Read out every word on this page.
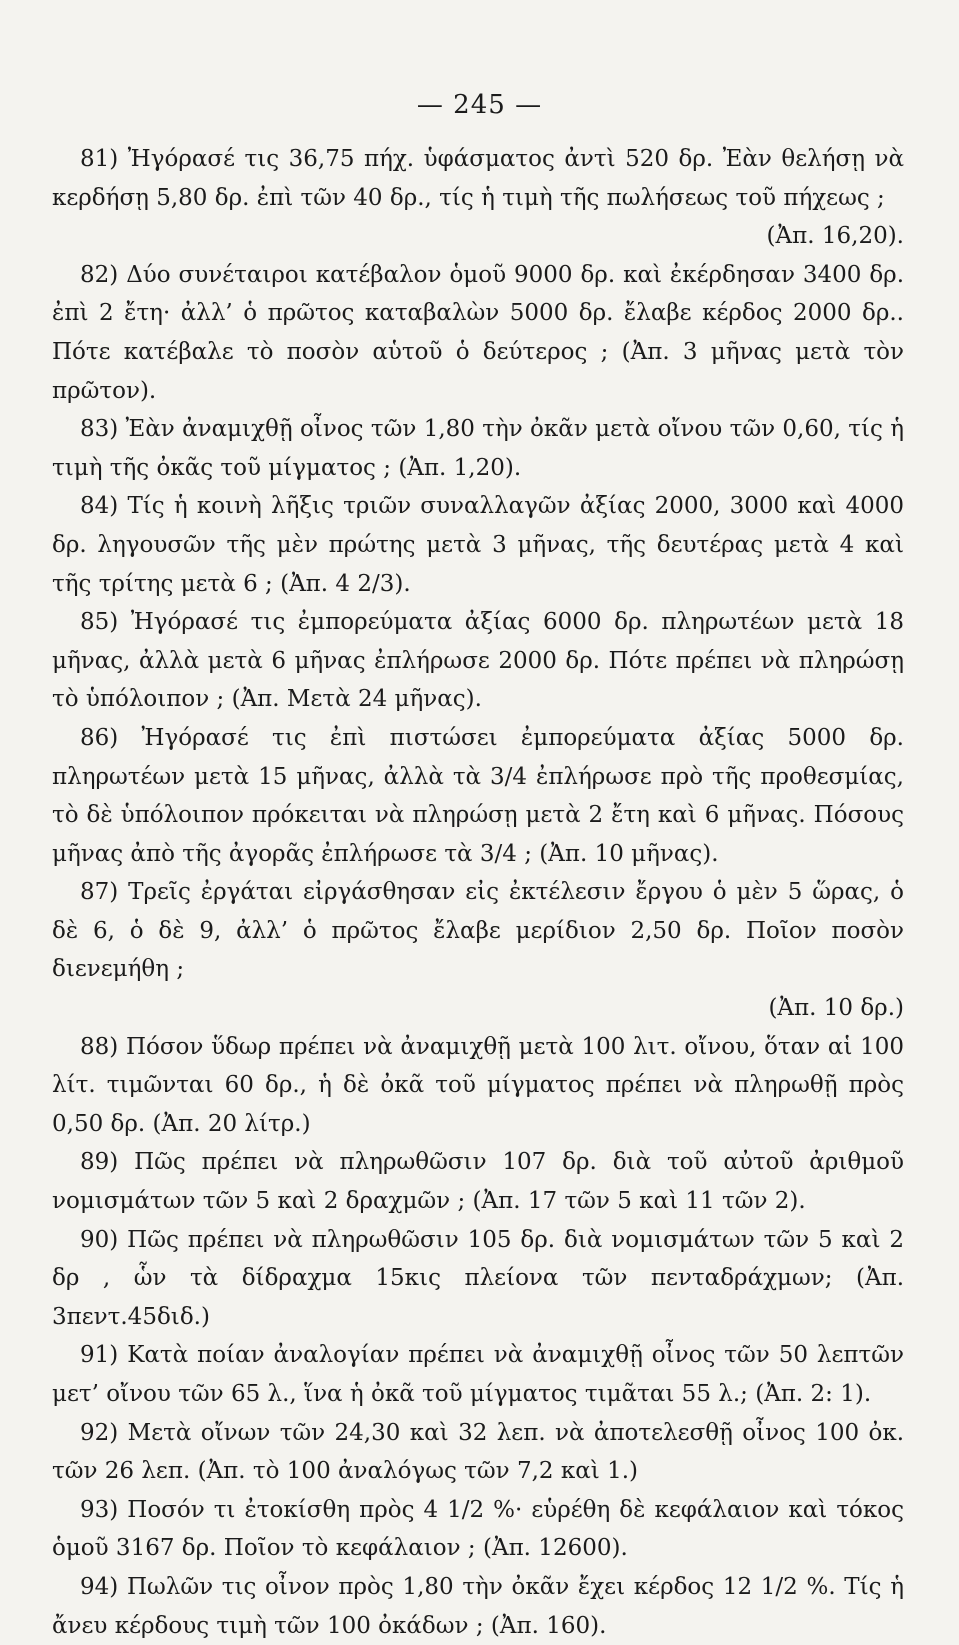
— 245 —

81) Ἠγόρασέ τις 36,75 πήχ. ὑφάσματος ἀντὶ 520 δρ. Ἐὰν θελήσῃ νὰ κερδήσῃ 5,80 δρ. ἐπὶ τῶν 40 δρ., τίς ἡ τιμὴ τῆς πωλήσεως τοῦ πήχεως ;
(Ἀπ. 16,20).

82) Δύο συνέταιροι κατέβαλον ὁμοῦ 9000 δρ. καὶ ἐκέρδησαν 3400 δρ. ἐπὶ 2 ἔτη· ἀλλ’ ὁ πρῶτος καταβαλὼν 5000 δρ. ἔλαβε κέρδος 2000 δρ.. Πότε κατέβαλε τὸ ποσὸν αὑτοῦ ὁ δεύτερος ; (Ἀπ. 3 μῆνας μετὰ τὸν πρῶτον).

83) Ἐὰν ἀναμιχθῇ οἶνος τῶν 1,80 τὴν ὀκᾶν μετὰ οἴνου τῶν 0,60, τίς ἡ τιμὴ τῆς ὀκᾶς τοῦ μίγματος ; (Ἀπ. 1,20).

84) Τίς ἡ κοινὴ λῆξις τριῶν συναλλαγῶν ἀξίας 2000, 3000 καὶ 4000 δρ. ληγουσῶν τῆς μὲν πρώτης μετὰ 3 μῆνας, τῆς δευτέρας μετὰ 4 καὶ τῆς τρίτης μετὰ 6 ; (Ἀπ. 4 2/3).

85) Ἠγόρασέ τις ἐμπορεύματα ἀξίας 6000 δρ. πληρωτέων μετὰ 18 μῆνας, ἀλλὰ μετὰ 6 μῆνας ἐπλήρωσε 2000 δρ. Πότε πρέπει νὰ πληρώσῃ τὸ ὑπόλοιπον ; (Ἀπ. Μετὰ 24 μῆνας).

86) Ἠγόρασέ τις ἐπὶ πιστώσει ἐμπορεύματα ἀξίας 5000 δρ. πληρωτέων μετὰ 15 μῆνας, ἀλλὰ τὰ 3/4 ἐπλήρωσε πρὸ τῆς προθεσμίας, τὸ δὲ ὑπόλοιπον πρόκειται νὰ πληρώσῃ μετὰ 2 ἔτη καὶ 6 μῆνας. Πόσους μῆνας ἀπὸ τῆς ἀγορᾶς ἐπλήρωσε τὰ 3/4 ; (Ἀπ. 10 μῆνας).

87) Τρεῖς ἐργάται εἰργάσθησαν εἰς ἐκτέλεσιν ἔργου ὁ μὲν 5 ὥρας, ὁ δὲ 6, ὁ δὲ 9, ἀλλ’ ὁ πρῶτος ἔλαβε μερίδιον 2,50 δρ. Ποῖον ποσὸν διενεμήθη ;
(Ἀπ. 10 δρ.)

88) Πόσον ὕδωρ πρέπει νὰ ἀναμιχθῇ μετὰ 100 λιτ. οἴνου, ὅταν αἱ 100 λίτ. τιμῶνται 60 δρ., ἡ δὲ ὀκᾶ τοῦ μίγματος πρέπει νὰ πληρωθῇ πρὸς 0,50 δρ. (Ἀπ. 20 λίτρ.)

89) Πῶς πρέπει νὰ πληρωθῶσιν 107 δρ. διὰ τοῦ αὐτοῦ ἀριθμοῦ νομισμάτων τῶν 5 καὶ 2 δραχμῶν ; (Ἀπ. 17 τῶν 5 καὶ 11 τῶν 2).

90) Πῶς πρέπει νὰ πληρωθῶσιν 105 δρ. διὰ νομισμάτων τῶν 5 καὶ 2 δρ , ὧν τὰ δίδραχμα 15κις πλείονα τῶν πενταδράχμων; (Ἀπ. 3πεντ.45διδ.)

91) Κατὰ ποίαν ἀναλογίαν πρέπει νὰ ἀναμιχθῇ οἶνος τῶν 50 λεπτῶν μετ’ οἴνου τῶν 65 λ., ἵνα ἡ ὀκᾶ τοῦ μίγματος τιμᾶται 55 λ.; (Ἀπ. 2: 1).

92) Μετὰ οἴνων τῶν 24,30 καὶ 32 λεπ. νὰ ἀποτελεσθῇ οἶνος 100 ὀκ. τῶν 26 λεπ. (Ἀπ. τὸ 100 ἀναλόγως τῶν 7,2 καὶ 1.)

93) Ποσόν τι ἐτοκίσθη πρὸς 4 1/2 %· εὑρέθη δὲ κεφάλαιον καὶ τόκος ὁμοῦ 3167 δρ. Ποῖον τὸ κεφάλαιον ; (Ἀπ. 12600).

94) Πωλῶν τις οἶνον πρὸς 1,80 τὴν ὀκᾶν ἔχει κέρδος 12 1/2 %. Τίς ἡ ἄνευ κέρδους τιμὴ τῶν 100 ὀκάδων ; (Ἀπ. 160).
